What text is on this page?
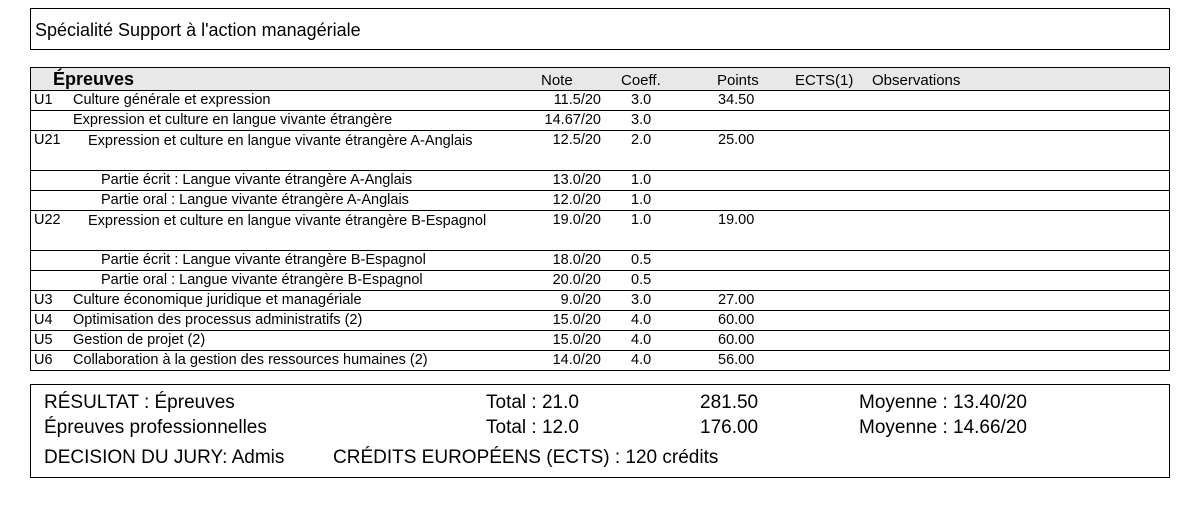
Spécialité Support à l'action managériale
Épreuves	Note	Coeff.	Points ECTS(1) Observations
U1 Culture générale et expression	11.5/20 3.0	34.50
Expression et culture en langue vivante étrangère	14.67/20 3.0
U21	Expression et culture en langue vivante étrangère A-Anglais	12.5/20 2.0	25.00
Partie écrit : Langue vivante étrangère A-Anglais	13.0/20 1.0
Partie oral : Langue vivante étrangère A-Anglais	12.0/20 1.0
U22	Expression et culture en langue vivante étrangère B-Espagnol	19.0/20 1.0	19.00
Partie écrit : Langue vivante étrangère B-Espagnol	18.0/20 0.5
Partie oral : Langue vivante étrangère B-Espagnol	20.0/20 0.5
U3 Culture économique juridique et managériale	9.0/20 3.0	27.00
U4 Optimisation des processus administratifs (2)	15.0/20 4.0	60.00
U5 Gestion de projet (2)	15.0/20 4.0	60.00
U6 Collaboration à la gestion des ressources humaines (2)	14.0/20 4.0	56.00
RÉSULTAT : Épreuves	Total : 21.0	281.50	Moyenne : 13.40/20
Épreuves professionnelles	Total : 12.0	176.00	Moyenne : 14.66/20
DECISION DU JURY: Admis	CRÉDITS EUROPÉENS (ECTS) : 120 crédits
